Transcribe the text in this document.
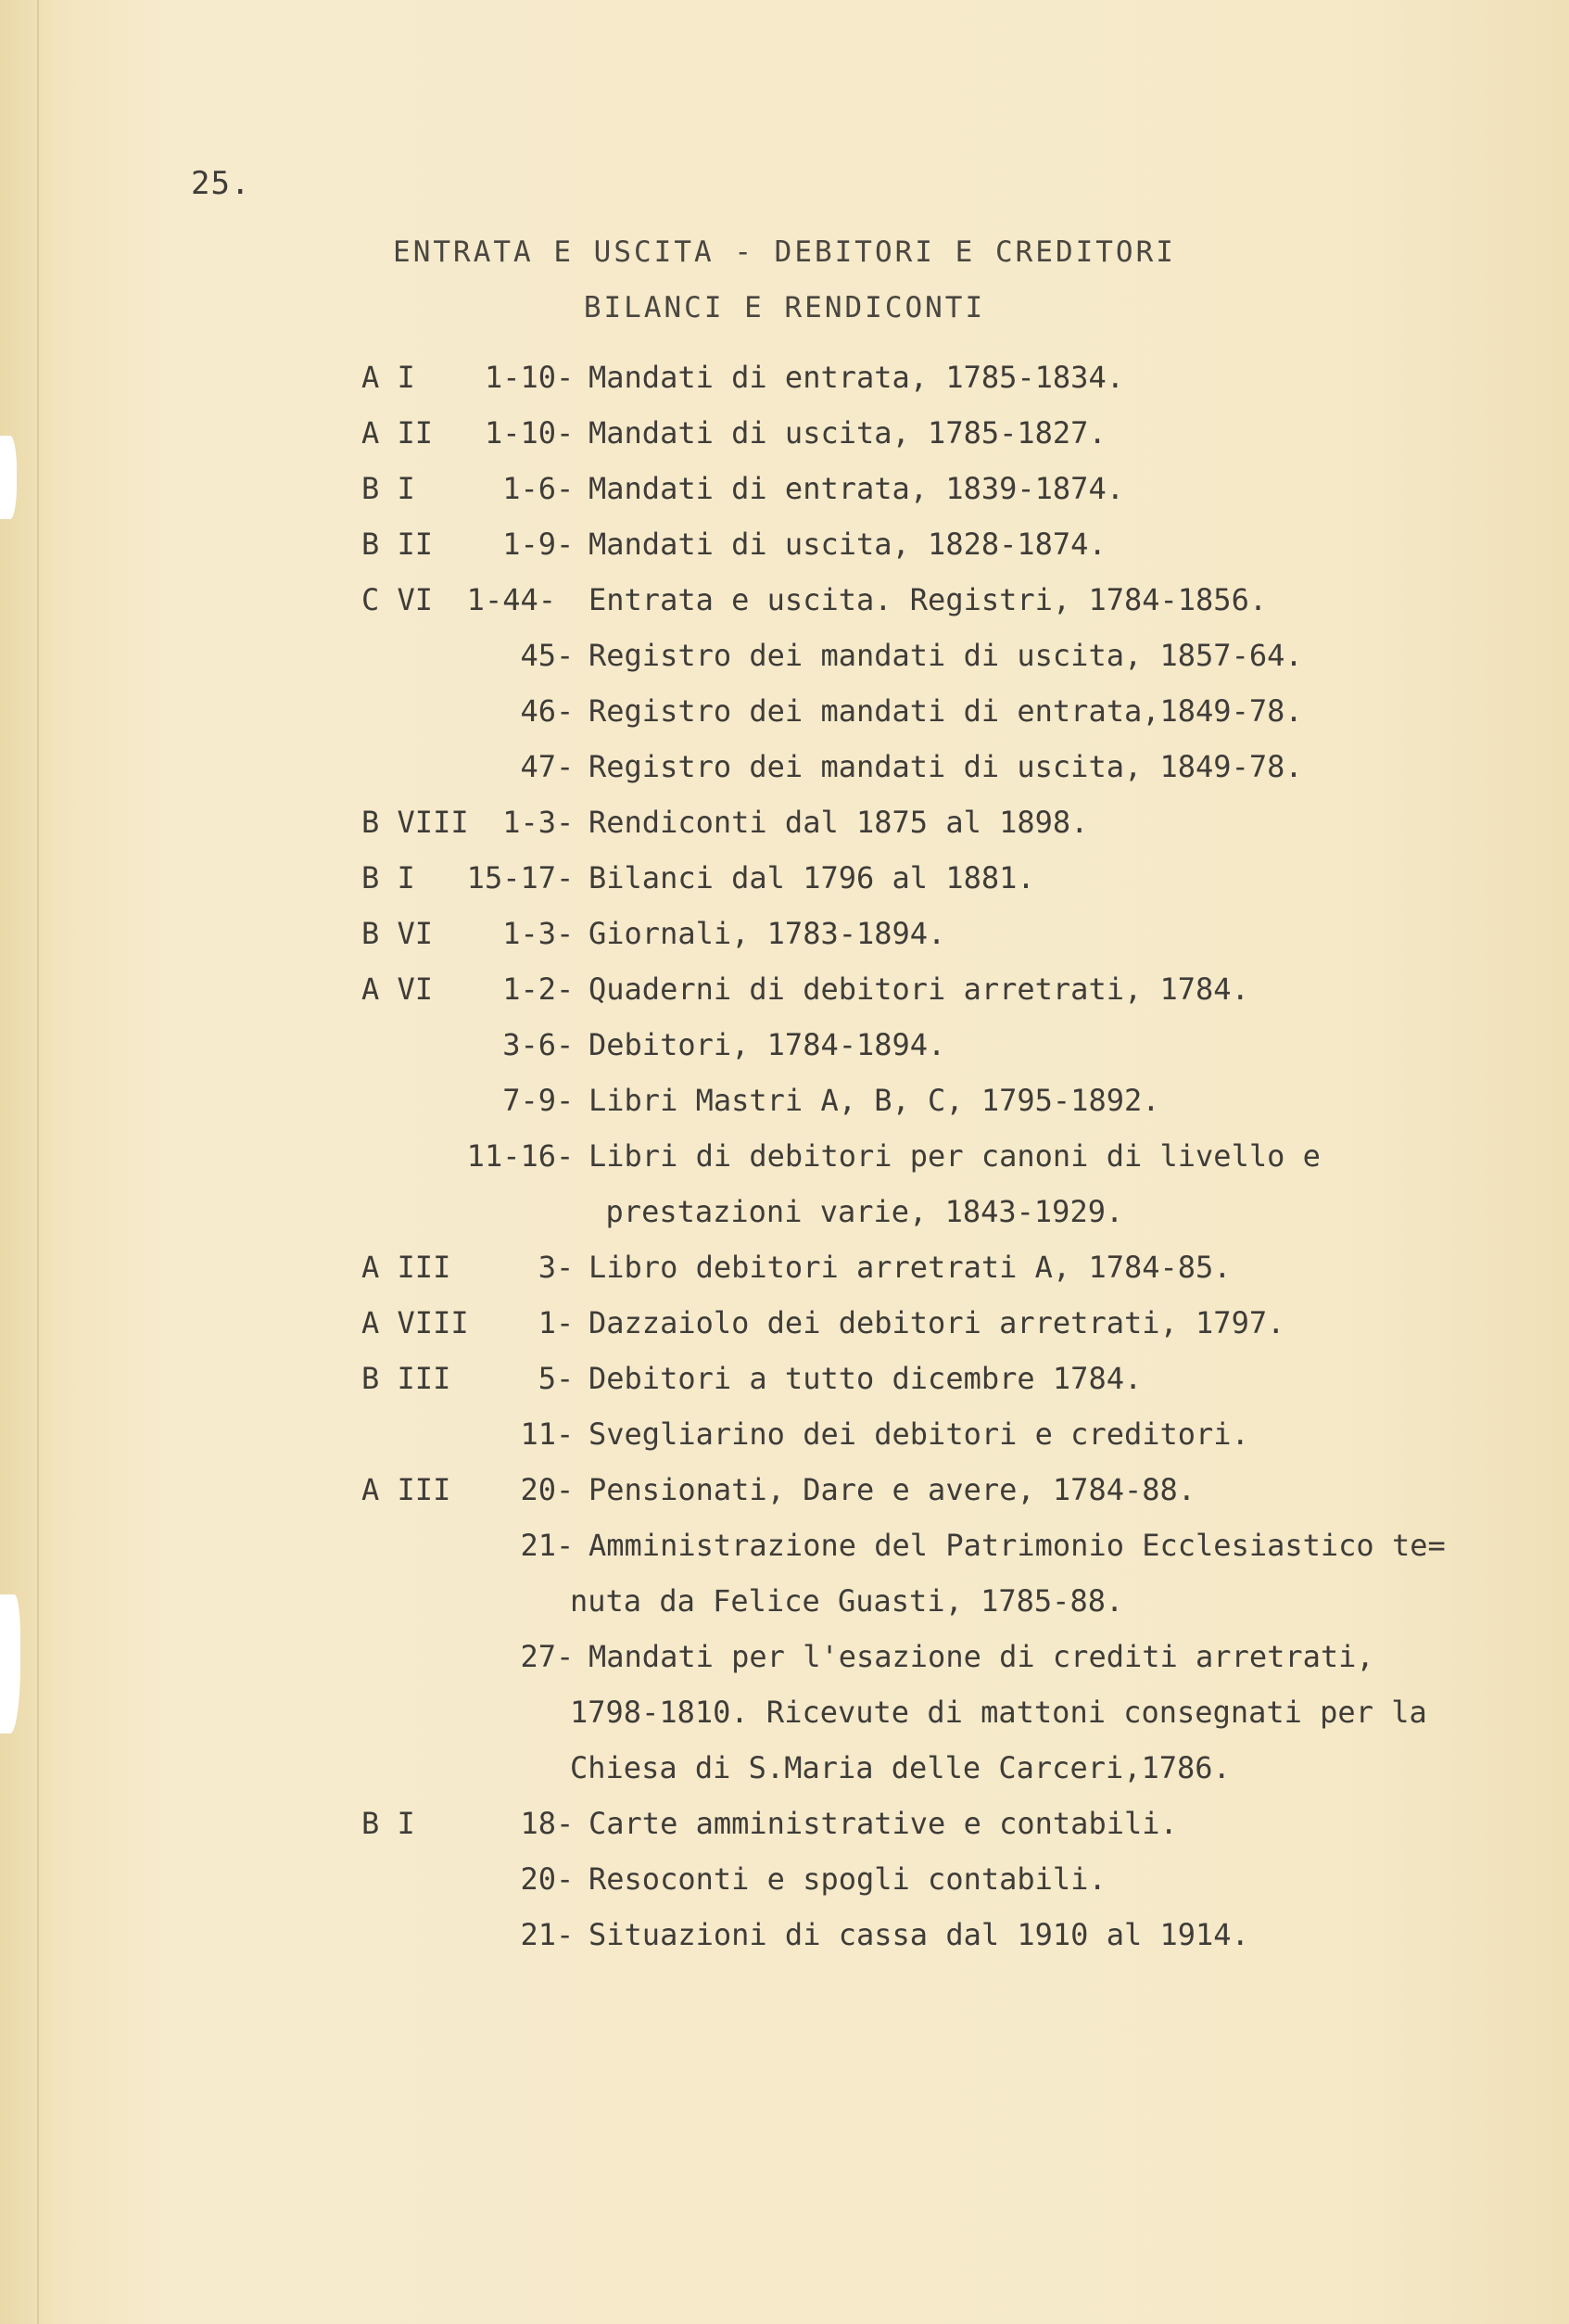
25.
ENTRATA E USCITA - DEBITORI E CREDITORI
BILANCI E RENDICONTI
A I	1-10 - Mandati di entrata, 1785-1834.
A II	1-10 - Mandati di uscita, 1785-1827.
B I	1-6 - Mandati di entrata, 1839-1874.
B II	1-9 - Mandati di uscita, 1828-1874.
C VI	1-44- Entrata e uscita. Registri, 1784-1856.
45 - Registro dei mandati di uscita, 1857-64.
46 - Registro dei mandati di entrata,1849-78.
47 - Registro dei mandati di uscita, 1849-78.
B VIII	1-3 - Rendiconti dal 1875 al 1898.
B I	15-17 - Bilanci dal 1796 al 1881.
B VI	1-3 - Giornali, 1783-1894.
A VI	1-2 - Quaderni di debitori arretrati, 1784.
3-6 - Debitori, 1784-1894.
7-9 - Libri Mastri A, B, C, 1795-1892.
11-16 - Libri di debitori per canoni di livello e
prestazioni varie, 1843-1929.
A III	3 - Libro debitori arretrati A, 1784-85.
A VIII	1 - Dazzaiolo dei debitori arretrati, 1797.
B III	5 - Debitori a tutto dicembre 1784.
11 - Svegliarino dei debitori e creditori.
A III	20 - Pensionati, Dare e avere, 1784-88.
21 - Amministrazione del Patrimonio Ecclesiastico te=
nuta da Felice Guasti, 1785-88.
27 - Mandati per l'esazione di crediti arretrati,
1798-1810. Ricevute di mattoni consegnati per la
Chiesa di S.Maria delle Carceri,1786.
B I	18 - Carte amministrative e contabili.
20 - Resoconti e spogli contabili.
21 - Situazioni di cassa dal 1910 al 1914.
